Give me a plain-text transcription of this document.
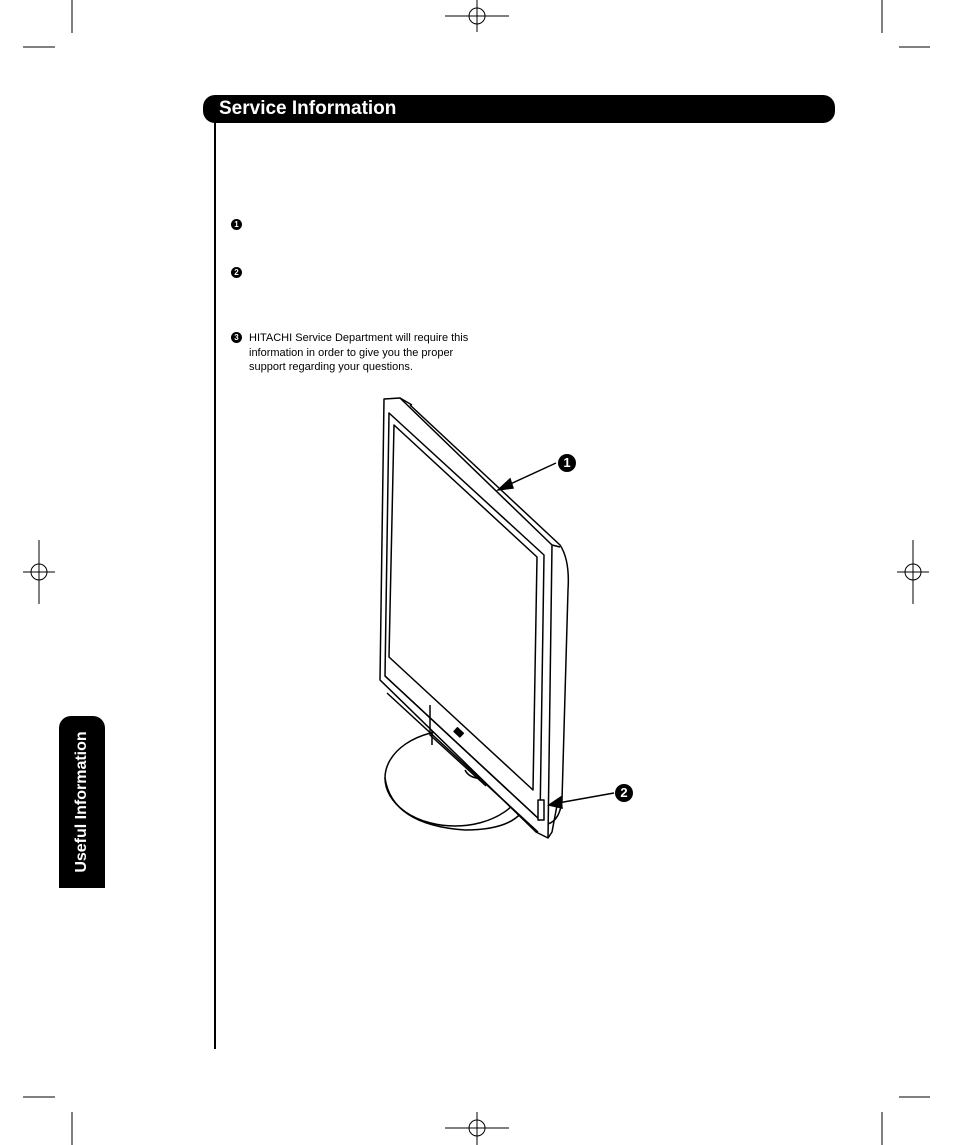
Service Information
1
2
3 HITACHI Service Department will require this information in order to give you the proper support regarding your questions.
Useful Information
1
2
